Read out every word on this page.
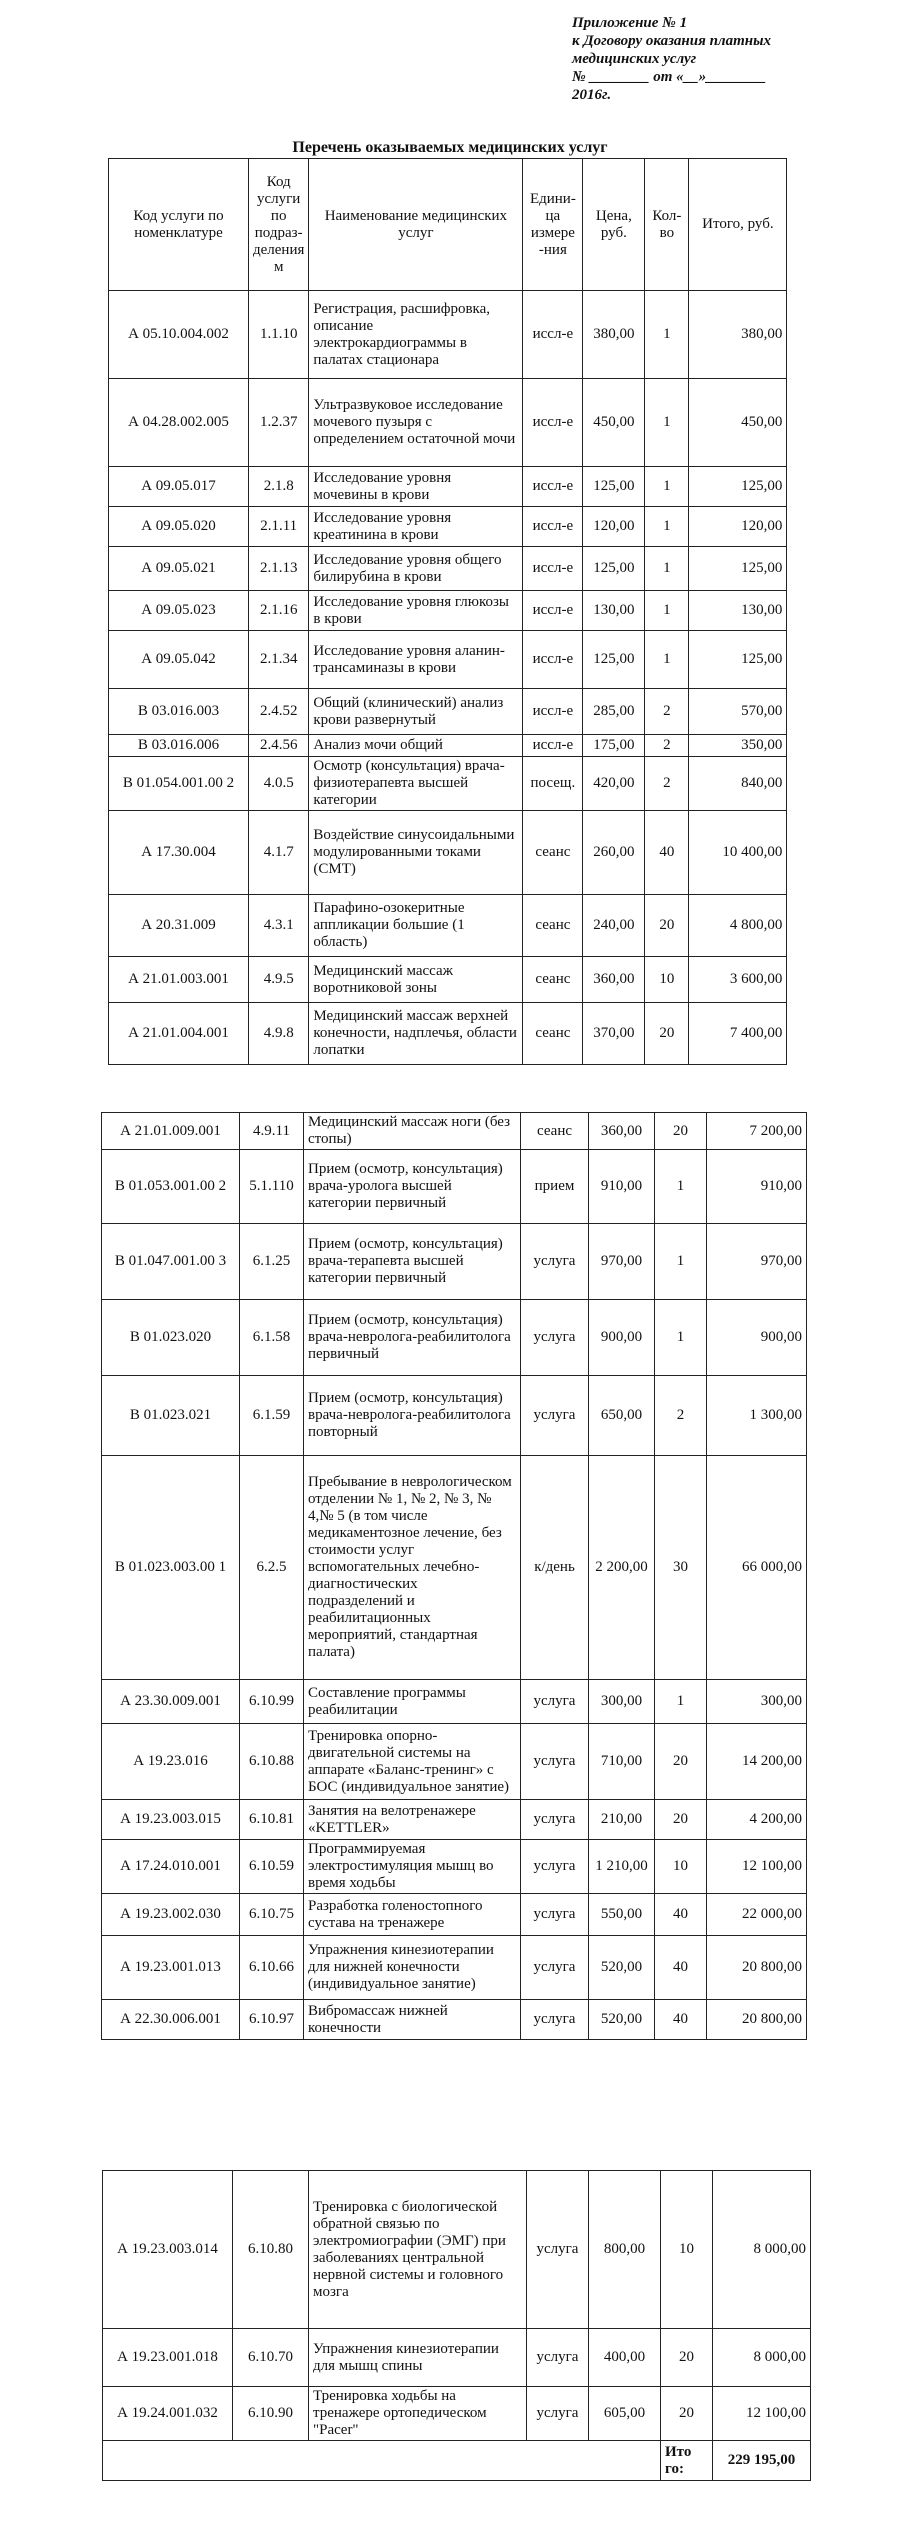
Приложение № 1
к Договору оказания платных
медицинских услуг
№ ________ от «__»________
2016г.
Перечень оказываемых медицинских услуг
Код услуги по номенклатуре	Код услуги по подраз-деления м	Наименование медицинских услуг	Едини-ца измере -ния	Цена, руб.	Кол-во	Итого, руб.
А 05.10.004.002	1.1.10	Регистрация, расшифровка, описание электрокардиограммы в палатах стационара	иссл-е	380,00	1	380,00
А 04.28.002.005	1.2.37	Ультразвуковое исследование мочевого пузыря с определением остаточной мочи	иссл-е	450,00	1	450,00
А 09.05.017	2.1.8	Исследование уровня мочевины в крови	иссл-е	125,00	1	125,00
А 09.05.020	2.1.11	Исследование уровня креатинина в крови	иссл-е	120,00	1	120,00
А 09.05.021	2.1.13	Исследование уровня общего билирубина в крови	иссл-е	125,00	1	125,00
А 09.05.023	2.1.16	Исследование уровня глюкозы в крови	иссл-е	130,00	1	130,00
А 09.05.042	2.1.34	Исследование уровня аланин-трансаминазы в крови	иссл-е	125,00	1	125,00
В 03.016.003	2.4.52	Общий (клинический) анализ крови развернутый	иссл-е	285,00	2	570,00
В 03.016.006	2.4.56	Анализ мочи общий	иссл-е	175,00	2	350,00
В 01.054.001.00 2	4.0.5	Осмотр (консультация) врача-физиотерапевта высшей категории	посещ.	420,00	2	840,00
А 17.30.004	4.1.7	Воздействие синусоидальными модулированными токами (СМТ)	сеанс	260,00	40	10 400,00
А 20.31.009	4.3.1	Парафино-озокеритные аппликации большие (1 область)	сеанс	240,00	20	4 800,00
А 21.01.003.001	4.9.5	Медицинский массаж воротниковой зоны	сеанс	360,00	10	3 600,00
А 21.01.004.001	4.9.8	Медицинский массаж верхней конечности, надплечья, области лопатки	сеанс	370,00	20	7 400,00
А 21.01.009.001	4.9.11	Медицинский массаж ноги (без стопы)	сеанс	360,00	20	7 200,00
В 01.053.001.00 2	5.1.110	Прием (осмотр, консультация) врача-уролога высшей категории первичный	прием	910,00	1	910,00
В 01.047.001.00 3	6.1.25	Прием (осмотр, консультация) врача-терапевта высшей категории первичный	услуга	970,00	1	970,00
В 01.023.020	6.1.58	Прием (осмотр, консультация) врача-невролога-реабилитолога первичный	услуга	900,00	1	900,00
В 01.023.021	6.1.59	Прием (осмотр, консультация) врача-невролога-реабилитолога повторный	услуга	650,00	2	1 300,00
В 01.023.003.00 1	6.2.5	Пребывание в неврологическом отделении № 1, № 2, № 3, № 4,№ 5 (в том числе медикаментозное лечение, без стоимости услуг вспомогательных лечебно-диагностических подразделений и реабилитационных мероприятий, стандартная палата)	к/день	2 200,00	30	66 000,00
А 23.30.009.001	6.10.99	Составление программы реабилитации	услуга	300,00	1	300,00
А 19.23.016	6.10.88	Тренировка опорно-двигательной системы на аппарате «Баланс-тренинг» с БОС (индивидуальное занятие)	услуга	710,00	20	14 200,00
А 19.23.003.015	6.10.81	Занятия на велотренажере «KETTLER»	услуга	210,00	20	4 200,00
А 17.24.010.001	6.10.59	Программируемая электростимуляция мышц во время ходьбы	услуга	1 210,00	10	12 100,00
А 19.23.002.030	6.10.75	Разработка голеностопного сустава на тренажере	услуга	550,00	40	22 000,00
А 19.23.001.013	6.10.66	Упражнения кинезиотерапии для нижней конечности (индивидуальное занятие)	услуга	520,00	40	20 800,00
А 22.30.006.001	6.10.97	Вибромассаж нижней конечности	услуга	520,00	40	20 800,00
А 19.23.003.014	6.10.80	Тренировка с биологической обратной связью по электромиографии (ЭМГ) при заболеваниях центральной нервной системы и головного мозга	услуга	800,00	10	8 000,00
А 19.23.001.018	6.10.70	Упражнения кинезиотерапии для мышц спины	услуга	400,00	20	8 000,00
А 19.24.001.032	6.10.90	Тренировка ходьбы на тренажере ортопедическом "Pacer"	услуга	605,00	20	12 100,00
					Ито го:	229 195,00
